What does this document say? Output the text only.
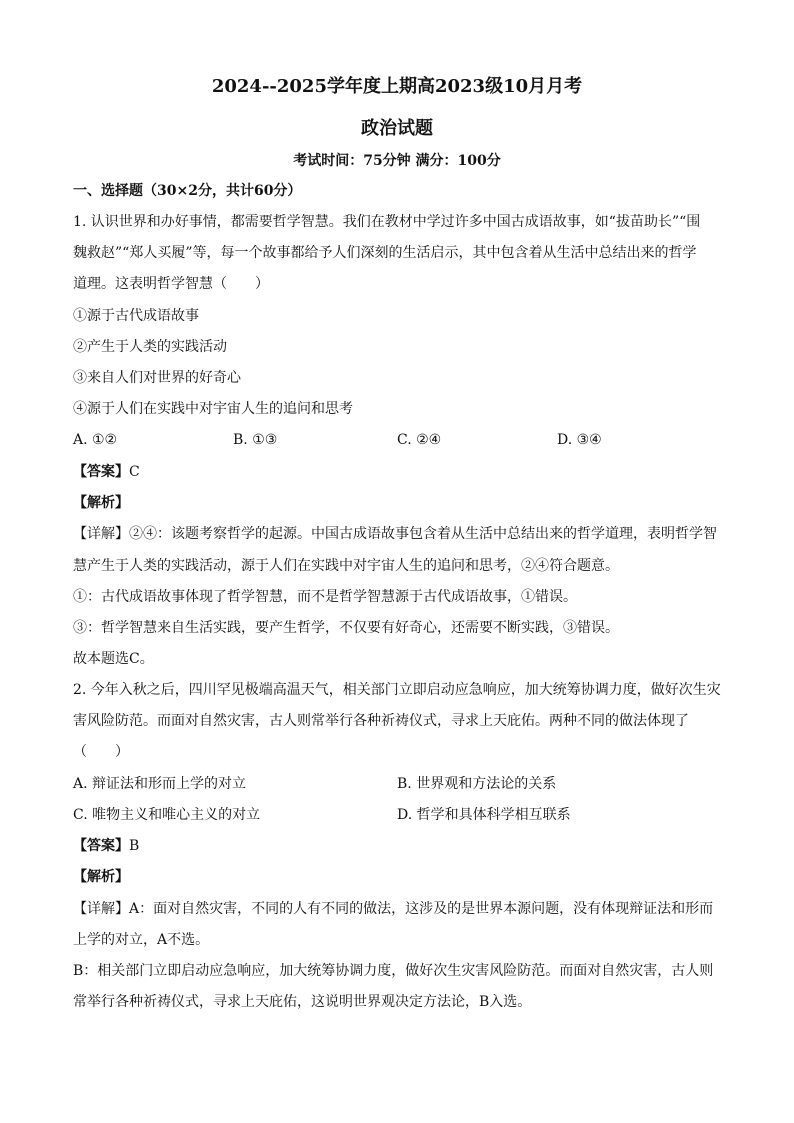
2024--2025学年度上期高2023级10月月考
政治试题
考试时间：75分钟 满分：100分
一、选择题（30×2分，共计60分）
1. 认识世界和办好事情，都需要哲学智慧。我们在教材中学过许多中国古成语故事，如“拔苗助长”“围
魏救赵”“郑人买履”等，每一个故事都给予人们深刻的生活启示，其中包含着从生活中总结出来的哲学
道理。这表明哲学智慧（　　）
①源于古代成语故事
②产生于人类的实践活动
③来自人们对世界的好奇心
④源于人们在实践中对宇宙人生的追问和思考
A. ①②	B. ①③	C. ②④	D. ③④
【答案】C
【解析】
【详解】②④：该题考察哲学的起源。中国古成语故事包含着从生活中总结出来的哲学道理，表明哲学智
慧产生于人类的实践活动，源于人们在实践中对宇宙人生的追问和思考，②④符合题意。
①：古代成语故事体现了哲学智慧，而不是哲学智慧源于古代成语故事，①错误。
③：哲学智慧来自生活实践，要产生哲学，不仅要有好奇心，还需要不断实践，③错误。
故本题选C。
2. 今年入秋之后，四川罕见极端高温天气，相关部门立即启动应急响应，加大统筹协调力度，做好次生灾
害风险防范。而面对自然灾害，古人则常举行各种祈祷仪式，寻求上天庇佑。两种不同的做法体现了
（　　）
A. 辩证法和形而上学的对立	B. 世界观和方法论的关系
C. 唯物主义和唯心主义的对立	D. 哲学和具体科学相互联系
【答案】B
【解析】
【详解】A：面对自然灾害，不同的人有不同的做法，这涉及的是世界本源问题，没有体现辩证法和形而
上学的对立，A不选。
B：相关部门立即启动应急响应，加大统筹协调力度，做好次生灾害风险防范。而面对自然灾害，古人则
常举行各种祈祷仪式，寻求上天庇佑，这说明世界观决定方法论，B入选。
